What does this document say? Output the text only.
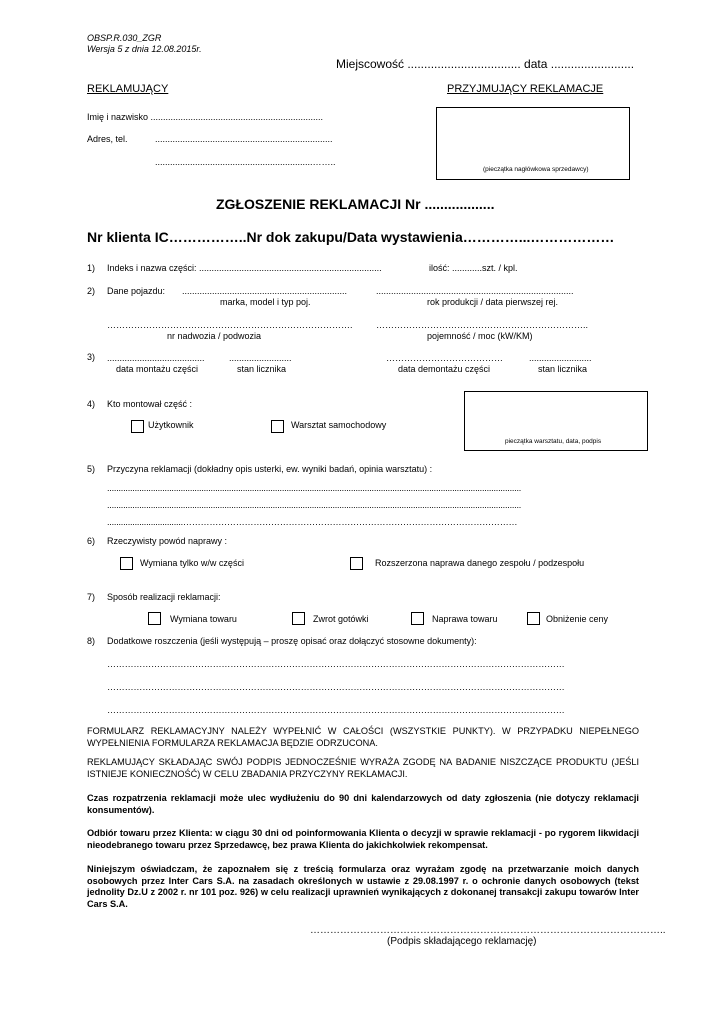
OBSP.R.030_ZGR
Wersja 5 z dnia 12.08.2015r.
Miejscowość .................................. data .........................
REKLAMUJĄCY	PRZYJMUJĄCY REKLAMACJE
Imię i nazwisko .....................................................................
Adres, tel.	.......................................................................
...............................................................……..
(pieczątka nagłówkowa sprzedawcy)
ZGŁOSZENIE REKLAMACJI Nr ..................
Nr klienta IC……………..Nr dok zakupu/Data wystawienia…………...………………
1) Indeks i nazwa części: .........................................................................	ilość: ............szt. / kpl.
2) Dane pojazdu: ..................................................................	...............................................................................
marka, model i typ poj.	rok produkcji / data pierwszej rej.
……………………………………………………………………….	……………………………………………………………..
nr nadwozia / podwozia	pojemność / moc (kW/KM)
3) .......................................	.........................	…………………………………	.........................
data montażu części	stan licznika	data demontażu części	stan licznika
4) Kto montował część :
Użytkownik	Warsztat samochodowy
pieczątka warsztatu, data, podpis
5) Przyczyna reklamacji (dokładny opis usterki, ew. wyniki badań, opinia warsztatu) :
....................................................................................................................................................................................
....................................................................................................................................................................................
.................................……………………………………………………………………………………………………
6) Rzeczywisty powód naprawy :
Wymiana tylko w/w części	Rozszerzona naprawa danego zespołu / podzespołu
7) Sposób realizacji reklamacji:
Wymiana towaru	Zwrot gotówki	Naprawa towaru	Obniżenie ceny
8) Dodatkowe roszczenia (jeśli występują – proszę opisać oraz dołączyć stosowne dokumenty):
…………………………………………………………………………………………………………………………………………
…………………………………………………………………………………………………………………………………………
…………………………………………………………………………………………………………………………………………
FORMULARZ REKLAMACYJNY NALEŻY WYPEŁNIĆ W CAŁOŚCI (WSZYSTKIE PUNKTY). W PRZYPADKU NIEPEŁNEGO WYPEŁNIENIA FORMULARZA REKLAMACJA BĘDZIE ODRZUCONA.
REKLAMUJĄCY SKŁADAJĄC SWÓJ PODPIS JEDNOCZEŚNIE WYRAŻA ZGODĘ NA BADANIE NISZCZĄCE PRODUKTU (JEŚLI ISTNIEJE KONIECZNOŚĆ) W CELU ZBADANIA PRZYCZYNY REKLAMACJI.
Czas rozpatrzenia reklamacji może ulec wydłużeniu do 90 dni kalendarzowych od daty zgłoszenia (nie dotyczy reklamacji konsumentów).
Odbiór towaru przez Klienta: w ciągu 30 dni od poinformowania Klienta o decyzji w sprawie reklamacji - po rygorem likwidacji nieodebranego towaru przez Sprzedawcę, bez prawa Klienta do jakichkolwiek rekompensat.
Niniejszym oświadczam, że zapoznałem się z treścią formularza oraz wyrażam zgodę na przetwarzanie moich danych osobowych przez Inter Cars S.A. na zasadach określonych w ustawie z 29.08.1997 r. o ochronie danych osobowych (tekst jednolity Dz.U z 2002 r. nr 101 poz. 926) w celu realizacji uprawnień wynikających z dokonanej transakcji zakupu towarów Inter Cars S.A.
……………………………………………………………………………………………..
(Podpis składającego reklamację)
